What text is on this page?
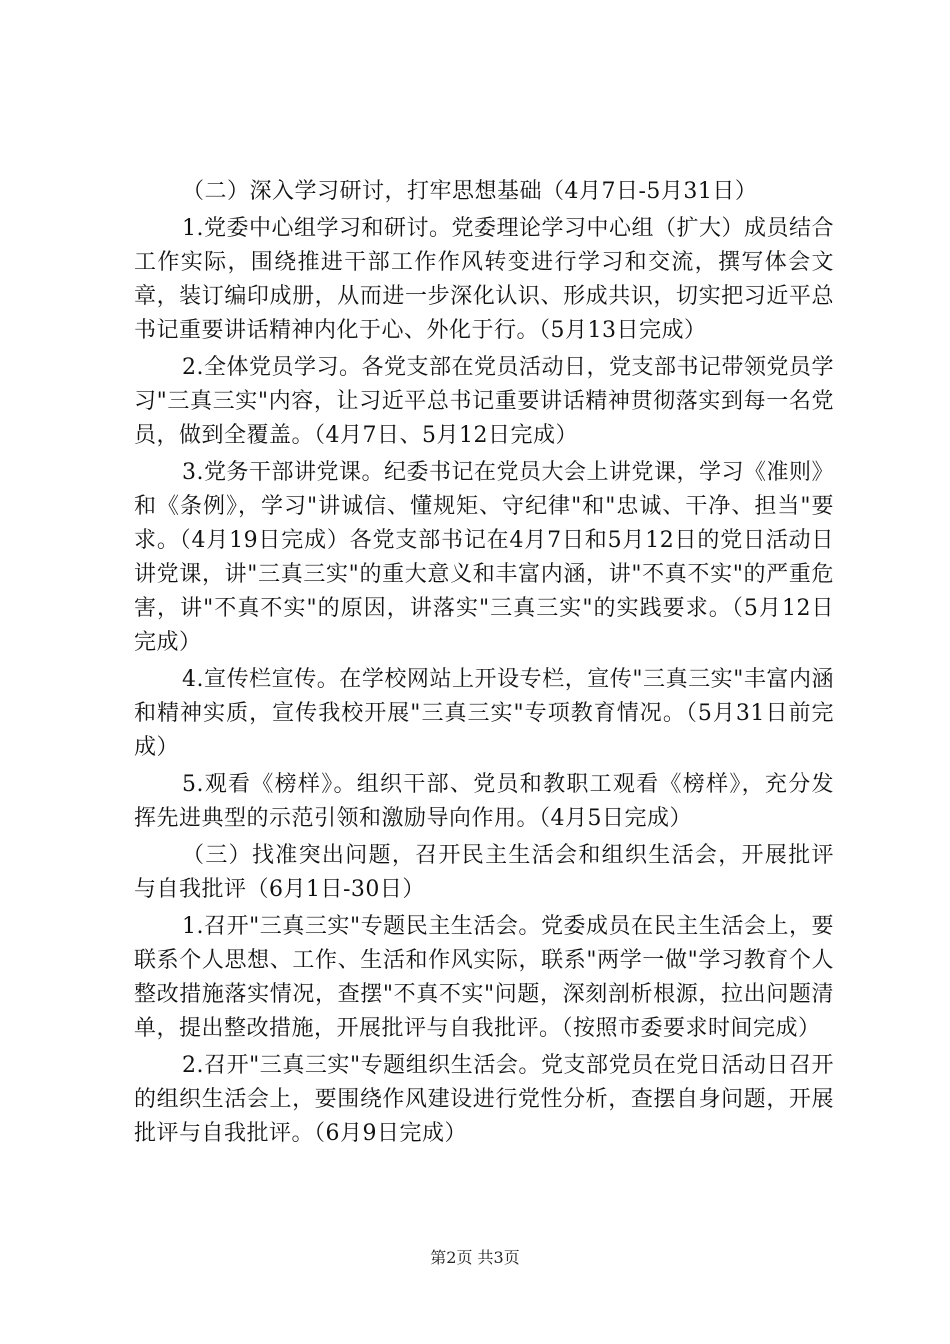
（二）深入学习研讨，打牢思想基础（4月7日-5月31日）

1.党委中心组学习和研讨。党委理论学习中心组（扩大）成员结合工作实际，围绕推进干部工作作风转变进行学习和交流，撰写体会文章，装订编印成册，从而进一步深化认识、形成共识，切实把习近平总书记重要讲话精神内化于心、外化于行。（5月13日完成）

2.全体党员学习。各党支部在党员活动日，党支部书记带领党员学习"三真三实"内容，让习近平总书记重要讲话精神贯彻落实到每一名党员，做到全覆盖。（4月7日、5月12日完成）

3.党务干部讲党课。纪委书记在党员大会上讲党课，学习《准则》和《条例》，学习"讲诚信、懂规矩、守纪律"和"忠诚、干净、担当"要求。（4月19日完成）各党支部书记在4月7日和5月12日的党日活动日讲党课，讲"三真三实"的重大意义和丰富内涵，讲"不真不实"的严重危害，讲"不真不实"的原因，讲落实"三真三实"的实践要求。（5月12日完成）

4.宣传栏宣传。在学校网站上开设专栏，宣传"三真三实"丰富内涵和精神实质，宣传我校开展"三真三实"专项教育情况。（5月31日前完成）

5.观看《榜样》。组织干部、党员和教职工观看《榜样》，充分发挥先进典型的示范引领和激励导向作用。（4月5日完成）

（三）找准突出问题，召开民主生活会和组织生活会，开展批评与自我批评（6月1日-30日）

1.召开"三真三实"专题民主生活会。党委成员在民主生活会上，要联系个人思想、工作、生活和作风实际，联系"两学一做"学习教育个人整改措施落实情况，查摆"不真不实"问题，深刻剖析根源，拉出问题清单，提出整改措施，开展批评与自我批评。（按照市委要求时间完成）

2.召开"三真三实"专题组织生活会。党支部党员在党日活动日召开的组织生活会上，要围绕作风建设进行党性分析，查摆自身问题，开展批评与自我批评。（6月9日完成）

第2页 共3页
